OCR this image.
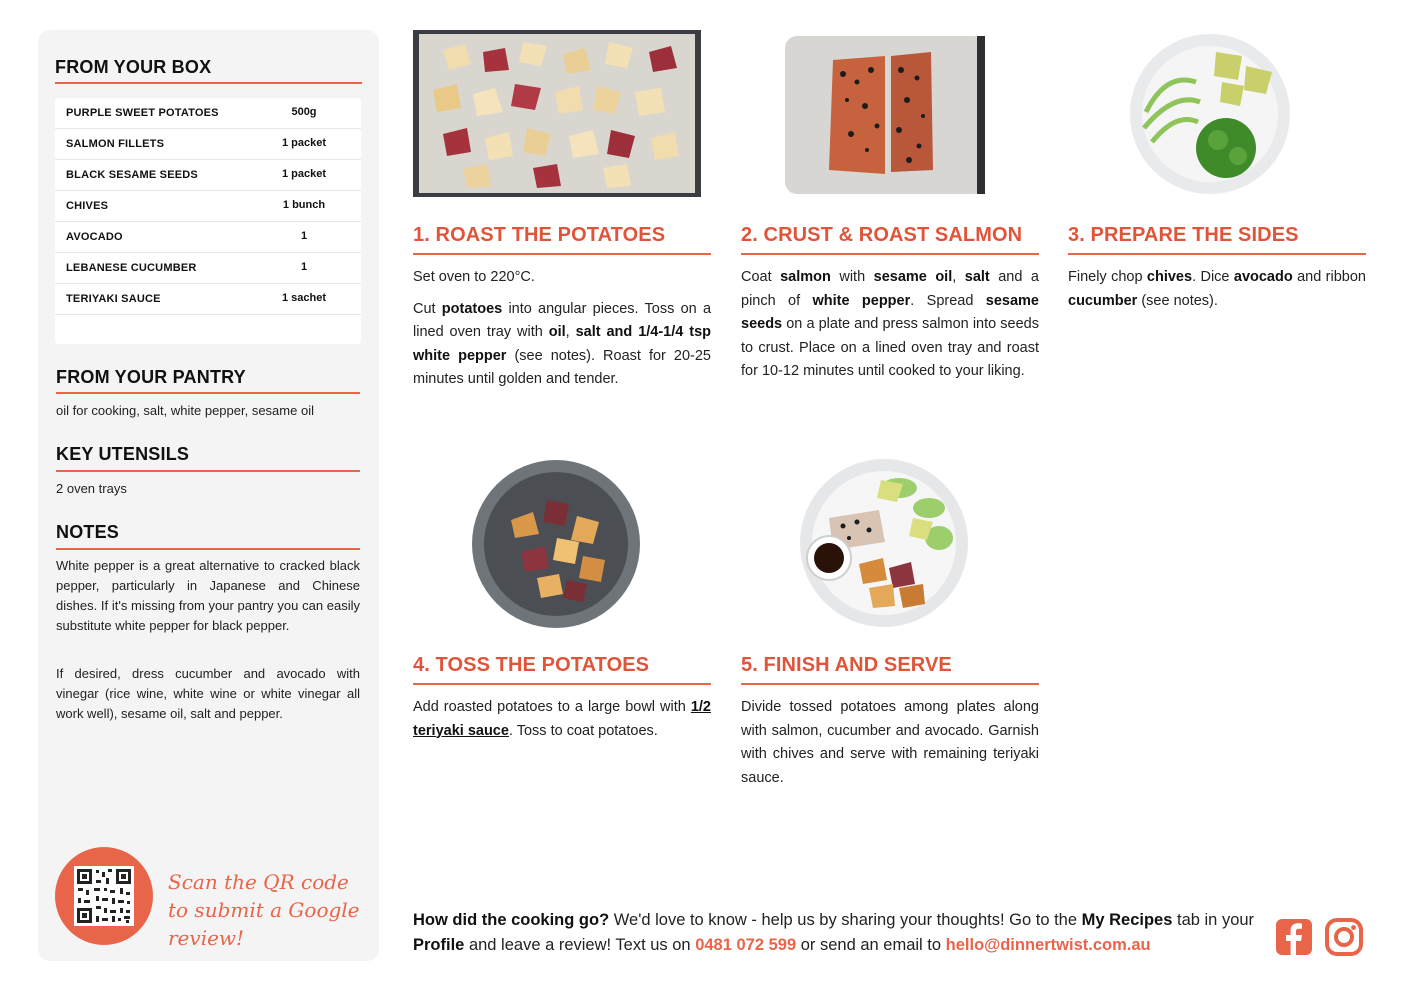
FROM YOUR BOX
PURPLE SWEET POTATOES	500g
SALMON FILLETS	1 packet
BLACK SESAME SEEDS	1 packet
CHIVES	1 bunch
AVOCADO	1
LEBANESE CUCUMBER	1
TERIYAKI SAUCE	1 sachet
FROM YOUR PANTRY
oil for cooking, salt, white pepper, sesame oil
KEY UTENSILS
2 oven trays
NOTES
White pepper is a great alternative to cracked black pepper, particularly in Japanese and Chinese dishes. If it's missing from your pantry you can easily substitute white pepper for black pepper.
If desired, dress cucumber and avocado with vinegar (rice wine, white wine or white vinegar all work well), sesame oil, salt and pepper.
Scan the QR code to submit a Google review!
1. ROAST THE POTATOES	2. CRUST & ROAST SALMON 3. PREPARE THE SIDES
4. TOSS THE POTATOES	5. FINISH AND SERVE

Set oven to 220°C.

Cut potatoes into angular pieces. Toss on a lined oven tray with oil, salt and 1/4-1/4 tsp white pepper (see notes). Roast for 20-25 minutes until golden and tender.

Coat salmon with sesame oil, salt and a pinch of white pepper. Spread sesame seeds on a plate and press salmon into seeds to crust. Place on a lined oven tray and roast for 10-12 minutes until cooked to your liking.

Finely chop chives. Dice avocado and ribbon cucumber (see notes).

Add roasted potatoes to a large bowl with 1/2 teriyaki sauce. Toss to coat potatoes.

Divide tossed potatoes among plates along with salmon, cucumber and avocado. Garnish with chives and serve with remaining teriyaki sauce.

How did the cooking go? We'd love to know - help us by sharing your thoughts! Go to the My Recipes tab in your Profile and leave a review! Text us on 0481 072 599 or send an email to hello@dinnertwist.com.au
